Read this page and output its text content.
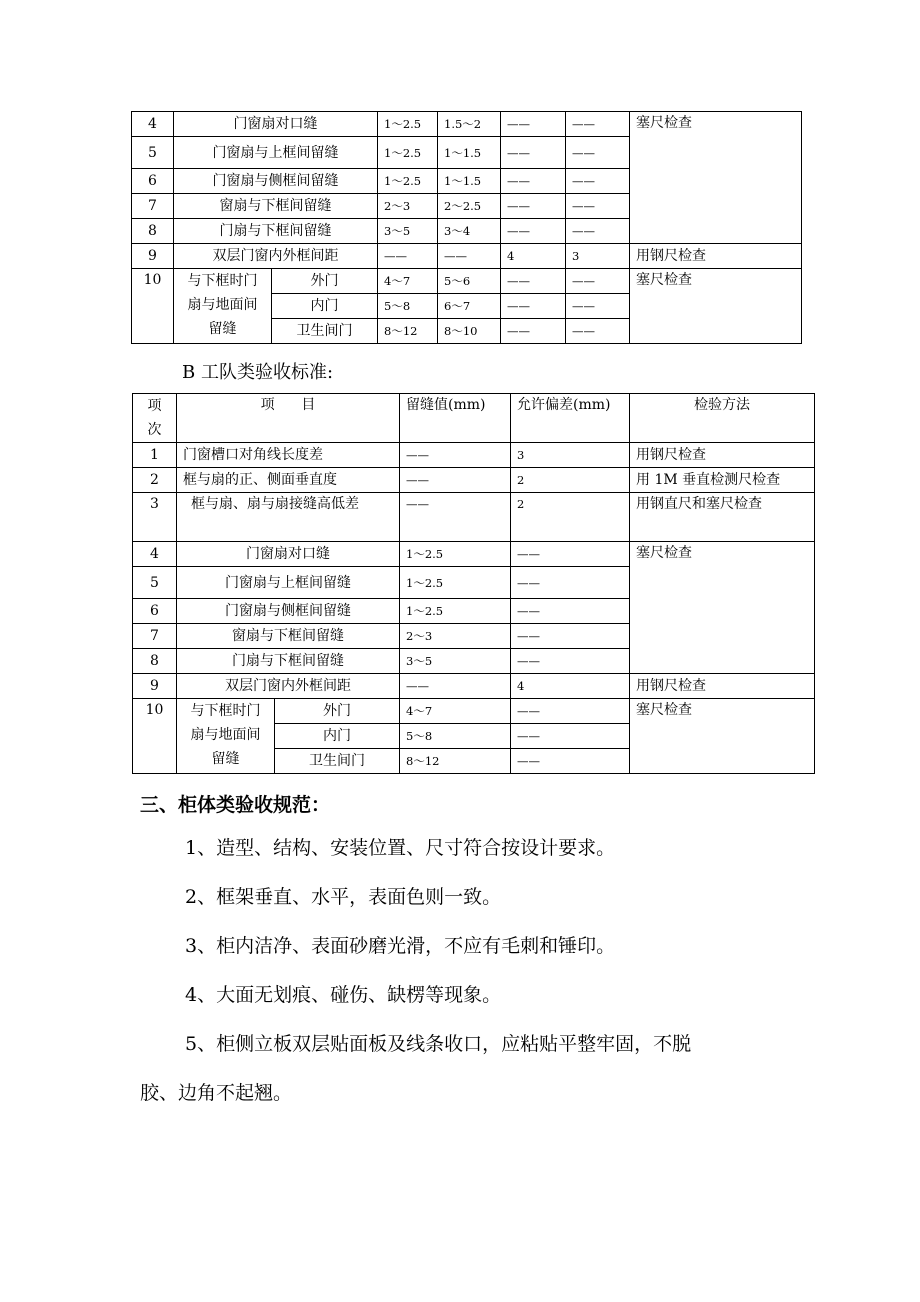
4	门窗扇对口缝		1～2.5	1.5～2	——	——	塞尺检查
5	门窗扇与上框间留缝		1～2.5	1～1.5	——	——	
6	门窗扇与侧框间留缝		1～2.5	1～1.5	——	——	
7	窗扇与下框间留缝		2～3	2～2.5	——	——	
8	门扇与下框间留缝		3～5	3～4	——	——	
9	双层门窗内外框间距		——	——	4	3	用钢尺检查
10	与下框时门
扇与地面间
留缝	外门	4～7	5～6	——	——	塞尺检查
		内门	5～8	6～7	——	——	
		卫生间门	8～12	8～10	——	——	
B 工队类验收标准:
项
次	项      目		留缝值(mm)	允许偏差(mm)	检验方法
1	门窗槽口对角线长度差		——	3	用钢尺检查
2	框与扇的正、侧面垂直度		——	2	用 1M 垂直检测尺检查
3	框与扇、扇与扇接缝高低差		——	2	用钢直尺和塞尺检查
4	门窗扇对口缝		1～2.5	——	塞尺检查
5	门窗扇与上框间留缝		1～2.5	——	
6	门窗扇与侧框间留缝		1～2.5	——	
7	窗扇与下框间留缝		2～3	——	
8	门扇与下框间留缝		3～5	——	
9	双层门窗内外框间距		——	4	用钢尺检查
10	与下框时门
扇与地面间
留缝	外门	4～7	——	塞尺检查
		内门	5～8	——	
		卫生间门	8～12	——	
三、柜体类验收规范：
1、造型、结构、安装位置、尺寸符合按设计要求。
2、框架垂直、水平，表面色则一致。
3、柜内洁净、表面砂磨光滑，不应有毛刺和锤印。
4、大面无划痕、碰伤、缺楞等现象。
5、柜侧立板双层贴面板及线条收口，应粘贴平整牢固，不脱
胶、边角不起翘。
